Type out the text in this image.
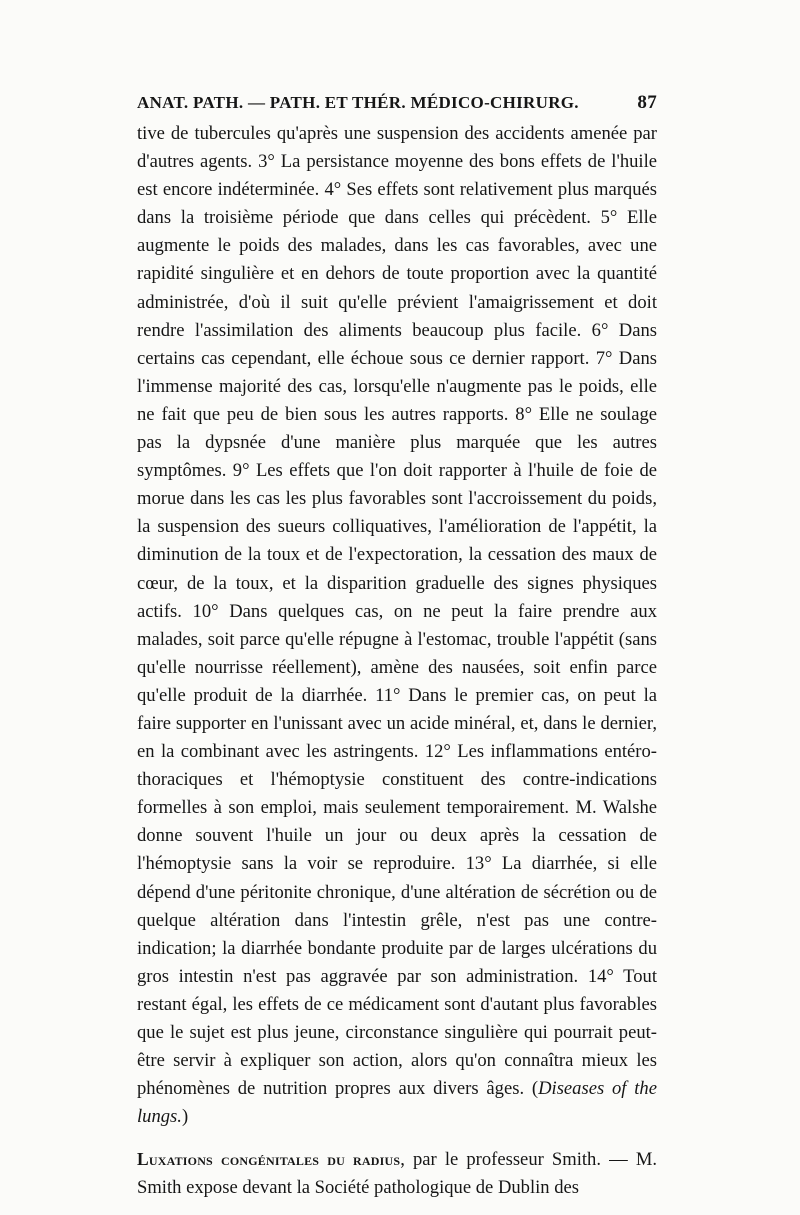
ANAT. PATH. — PATH. ET THÉR. MÉDICO-CHIRURG.	87

tive de tubercules qu'après une suspension des accidents amenée par d'autres agents. 3° La persistance moyenne des bons effets de l'huile est encore indéterminée. 4° Ses effets sont relativement plus marqués dans la troisième période que dans celles qui précèdent. 5° Elle augmente le poids des malades, dans les cas favorables, avec une rapidité singulière et en dehors de toute proportion avec la quantité administrée, d'où il suit qu'elle prévient l'amaigrissement et doit rendre l'assimilation des aliments beaucoup plus facile. 6° Dans certains cas cependant, elle échoue sous ce dernier rapport. 7° Dans l'immense majorité des cas, lorsqu'elle n'augmente pas le poids, elle ne fait que peu de bien sous les autres rapports. 8° Elle ne soulage pas la dypsnée d'une manière plus marquée que les autres symptômes. 9° Les effets que l'on doit rapporter à l'huile de foie de morue dans les cas les plus favorables sont l'accroissement du poids, la suspension des sueurs colliquatives, l'amélioration de l'appétit, la diminution de la toux et de l'expectoration, la cessation des maux de cœur, de la toux, et la disparition graduelle des signes physiques actifs. 10° Dans quelques cas, on ne peut la faire prendre aux malades, soit parce qu'elle répugne à l'estomac, trouble l'appétit (sans qu'elle nourrisse réellement), amène des nausées, soit enfin parce qu'elle produit de la diarrhée. 11° Dans le premier cas, on peut la faire supporter en l'unissant avec un acide minéral, et, dans le dernier, en la combinant avec les astringents. 12° Les inflammations entéro-thoraciques et l'hémoptysie constituent des contre-indications formelles à son emploi, mais seulement temporairement. M. Walshe donne souvent l'huile un jour ou deux après la cessation de l'hémoptysie sans la voir se reproduire. 13° La diarrhée, si elle dépend d'une péritonite chronique, d'une altération de sécrétion ou de quelque altération dans l'intestin grêle, n'est pas une contre-indication; la diarrhée bondante produite par de larges ulcérations du gros intestin n'est pas aggravée par son administration. 14° Tout restant égal, les effets de ce médicament sont d'autant plus favorables que le sujet est plus jeune, circonstance singulière qui pourrait peut-être servir à expliquer son action, alors qu'on connaîtra mieux les phénomènes de nutrition propres aux divers âges. (Diseases of the lungs.)

Luxations congénitales du radius, par le professeur Smith. — M. Smith expose devant la Société pathologique de Dublin des
